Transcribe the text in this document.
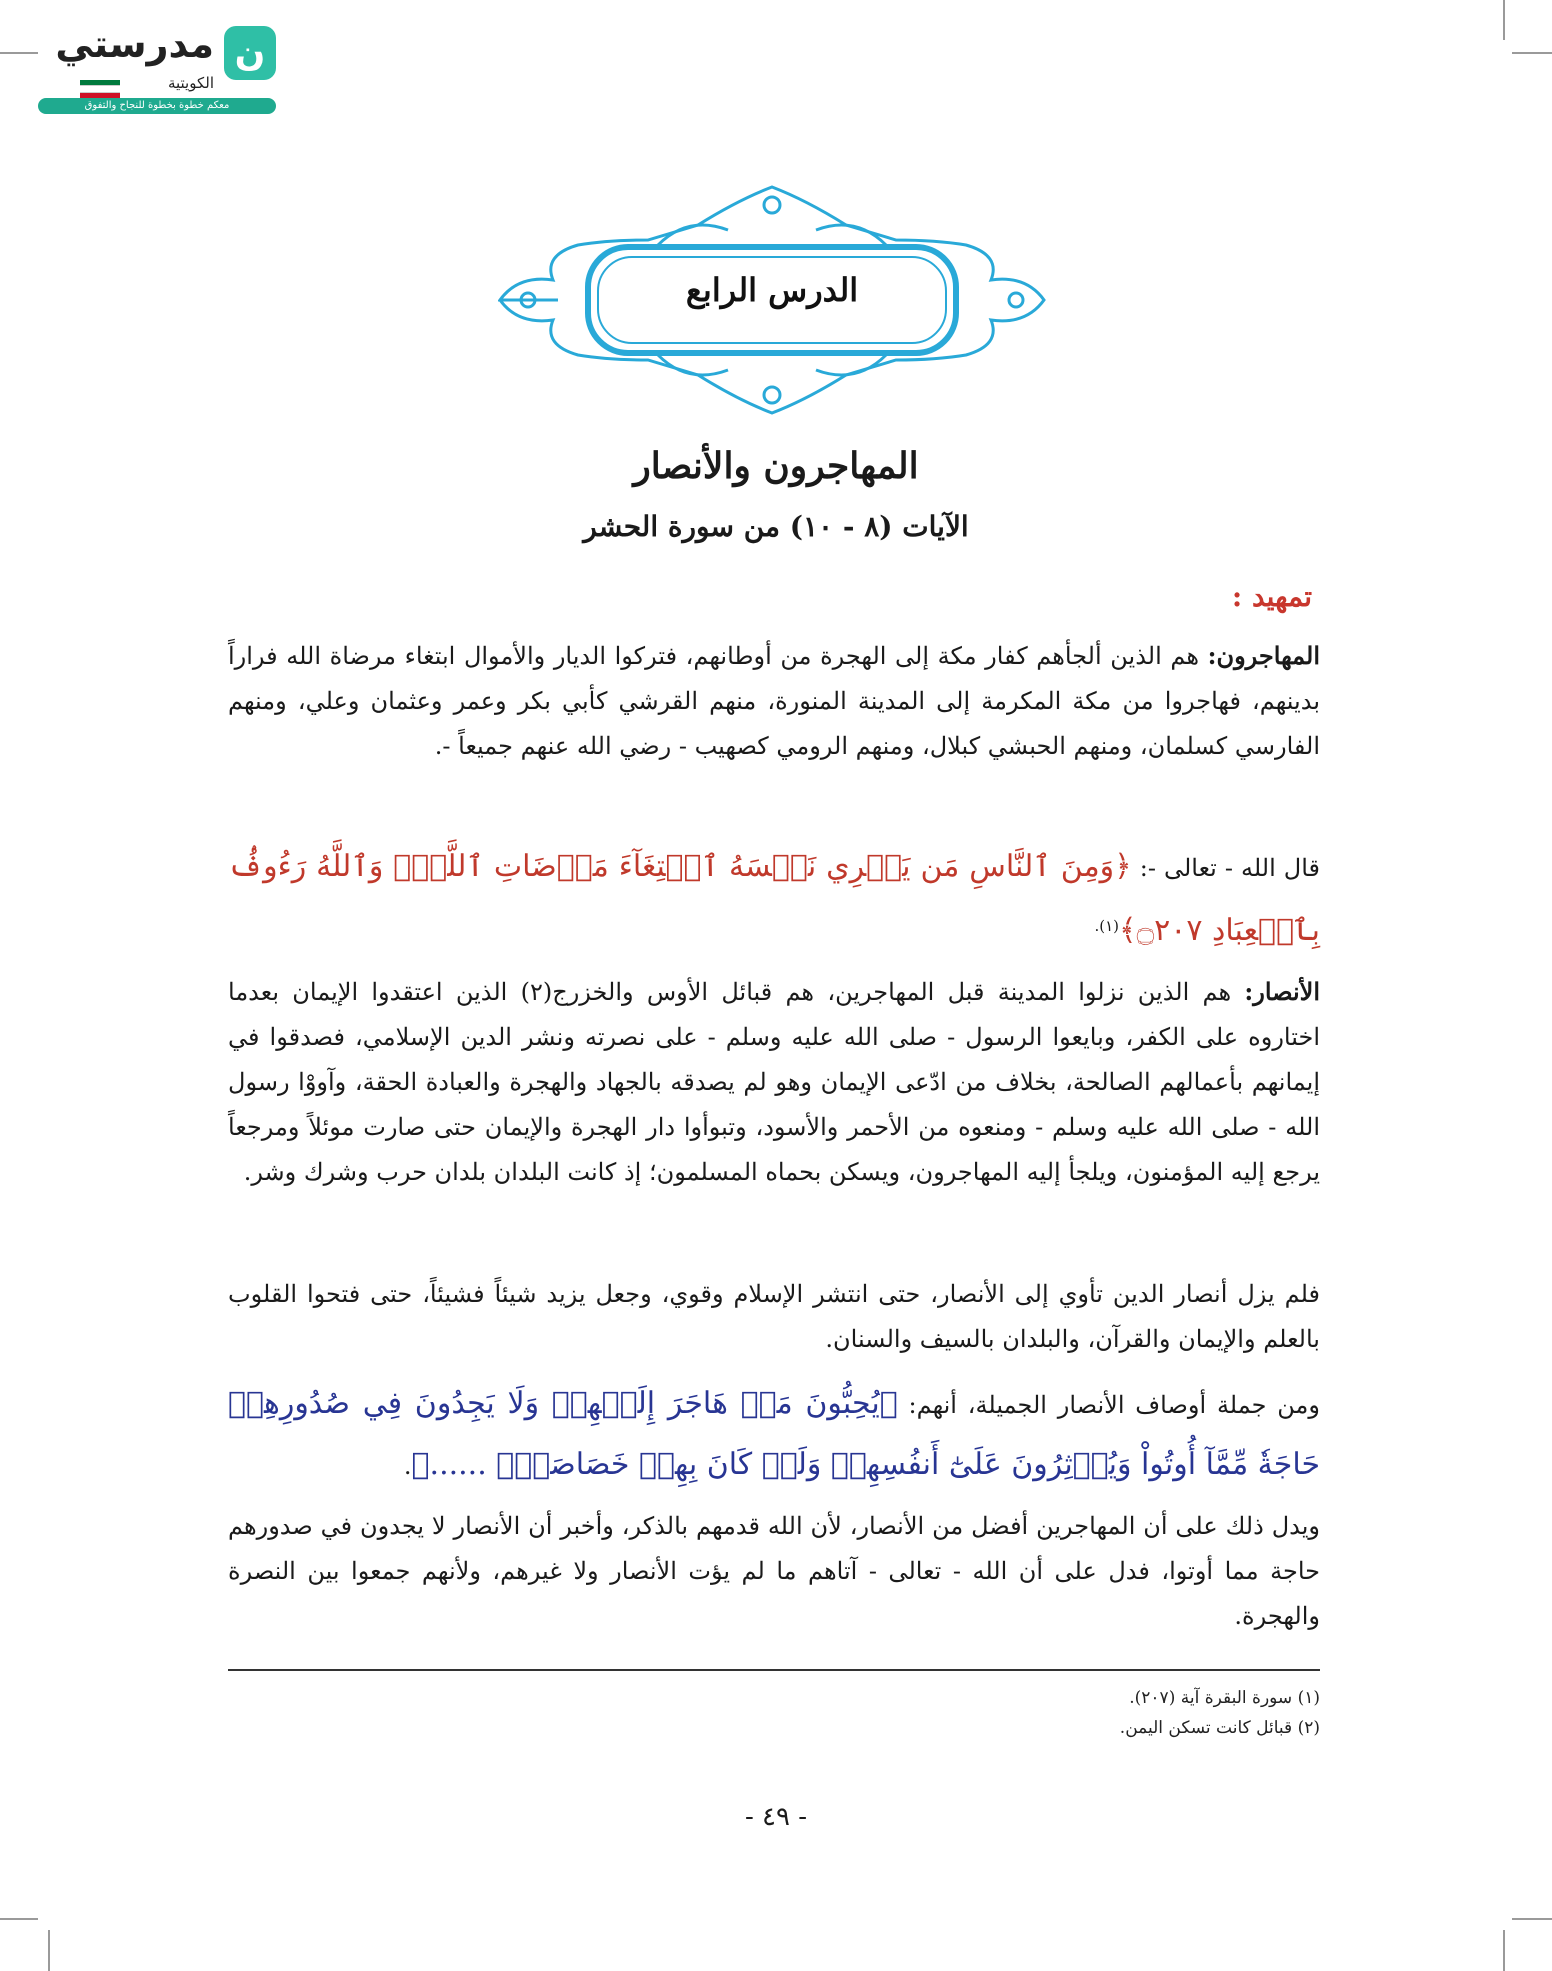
ن
مدرستي
الكويتية
معكم خطوة بخطوة للنجاح والتفوق
الدرس الرابع
المهاجرون والأنصار
الآيات (٨ - ١٠) من سورة الحشر
تمهيد :
المهاجرون: هم الذين ألجأهم كفار مكة إلى الهجرة من أوطانهم، فتركوا الديار والأموال ابتغاء مرضاة الله فراراً بدينهم، فهاجروا من مكة المكرمة إلى المدينة المنورة، منهم القرشي كأبي بكر وعمر وعثمان وعلي، ومنهم الفارسي كسلمان، ومنهم الحبشي كبلال، ومنهم الرومي كصهيب - رضي الله عنهم جميعاً -.
قال الله - تعالى -: ﴿وَمِنَ ٱلنَّاسِ مَن يَشۡرِي نَفۡسَهُ ٱبۡتِغَآءَ مَرۡضَاتِ ٱللَّهِۚ وَٱللَّهُ رَءُوفُۢ بِٱلۡعِبَادِ ۝٢٠٧﴾$^{(١).}$
الأنصار: هم الذين نزلوا المدينة قبل المهاجرين، هم قبائل الأوس والخزرج(٢) الذين اعتقدوا الإيمان بعدما اختاروه على الكفر، وبايعوا الرسول - صلى الله عليه وسلم - على نصرته ونشر الدين الإسلامي، فصدقوا في إيمانهم بأعمالهم الصالحة، بخلاف من ادّعى الإيمان وهو لم يصدقه بالجهاد والهجرة والعبادة الحقة، وآووْا رسول الله - صلى الله عليه وسلم - ومنعوه من الأحمر والأسود، وتبوأوا دار الهجرة والإيمان حتى صارت موئلاً ومرجعاً يرجع إليه المؤمنون، ويلجأ إليه المهاجرون، ويسكن بحماه المسلمون؛ إذ كانت البلدان بلدان حرب وشرك وشر.
فلم يزل أنصار الدين تأوي إلى الأنصار، حتى انتشر الإسلام وقوي، وجعل يزيد شيئاً فشيئاً، حتى فتحوا القلوب بالعلم والإيمان والقرآن، والبلدان بالسيف والسنان.
ومن جملة أوصاف الأنصار الجميلة، أنهم: ﴿يُحِبُّونَ مَنۡ هَاجَرَ إِلَيۡهِمۡ وَلَا يَجِدُونَ فِي صُدُورِهِمۡ حَاجَةٗ مِّمَّآ أُوتُواْ وَيُؤۡثِرُونَ عَلَىٰٓ أَنفُسِهِمۡ وَلَوۡ كَانَ بِهِمۡ خَصَاصَةٞۚ ......﴾.
ويدل ذلك على أن المهاجرين أفضل من الأنصار، لأن الله قدمهم بالذكر، وأخبر أن الأنصار لا يجدون في صدورهم حاجة مما أوتوا، فدل على أن الله - تعالى - آتاهم ما لم يؤت الأنصار ولا غيرهم، ولأنهم جمعوا بين النصرة والهجرة.
(١) سورة البقرة آية (٢٠٧).
(٢) قبائل كانت تسكن اليمن.
- ٤٩ -
